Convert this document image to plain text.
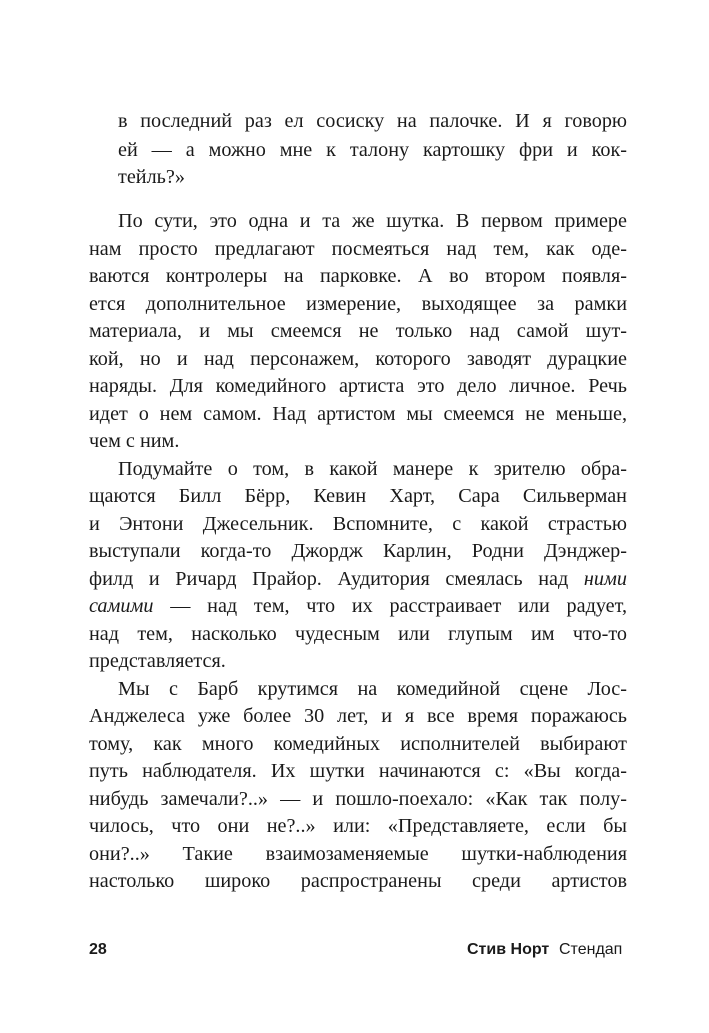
в последний раз ел сосиску на палочке. И я говорю
ей — а можно мне к талону картошку фри и кок-
тейль?»
По сути, это одна и та же шутка. В первом примере
нам просто предлагают посмеяться над тем, как оде-
ваются контролеры на парковке. А во втором появля-
ется дополнительное измерение, выходящее за рамки
материала, и мы смеемся не только над самой шут-
кой, но и над персонажем, которого заводят дурацкие
наряды. Для комедийного артиста это дело личное. Речь
идет о нем самом. Над артистом мы смеемся не меньше,
чем с ним.
Подумайте о том, в какой манере к зрителю обра-
щаются Билл Бёрр, Кевин Харт, Сара Сильверман
и Энтони Джесельник. Вспомните, с какой страстью
выступали когда-то Джордж Карлин, Родни Дэнджер-
филд и Ричард Прайор. Аудитория смеялась над ними
самими — над тем, что их расстраивает или радует,
над тем, насколько чудесным или глупым им что-то
представляется.
Мы с Барб крутимся на комедийной сцене Лос-
Анджелеса уже более 30 лет, и я все время поражаюсь
тому, как много комедийных исполнителей выбирают
путь наблюдателя. Их шутки начинаются с: «Вы когда-
нибудь замечали?..» — и пошло-поехало: «Как так полу-
чилось, что они не?..» или: «Представляете, если бы
они?..» Такие взаимозаменяемые шутки-наблюдения
настолько широко распространены среди артистов
28	Стив Норт Стендап
